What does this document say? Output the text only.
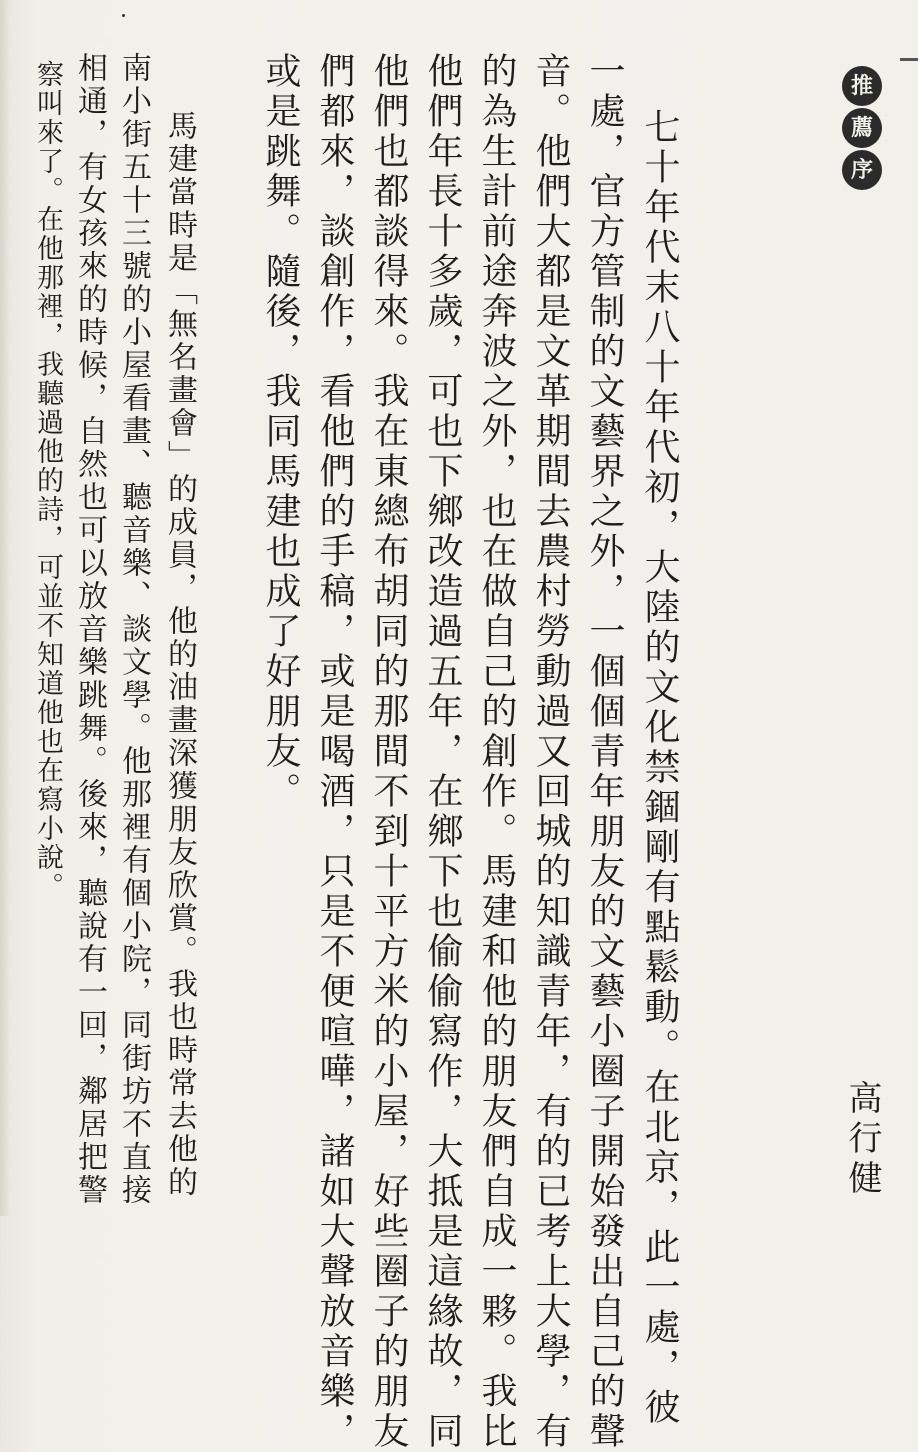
推
薦
序
七十年代末八十年代初，大陸的文化禁錮剛有點鬆動。在北京，此一處，彼
一處，官方管制的文藝界之外，一個個青年朋友的文藝小圈子開始發出自己的聲
音。他們大都是文革期間去農村勞動過又回城的知識青年，有的已考上大學，有
的為生計前途奔波之外，也在做自己的創作。馬建和他的朋友們自成一夥。我比
他們年長十多歲，可也下鄉改造過五年，在鄉下也偷偷寫作，大抵是這緣故，同
他們也都談得來。我在東總布胡同的那間不到十平方米的小屋，好些圈子的朋友
們都來，談創作，看他們的手稿，或是喝酒，只是不便喧嘩，諸如大聲放音樂，
或是跳舞。隨後，我同馬建也成了好朋友。
馬建當時是「無名畫會」的成員，他的油畫深獲朋友欣賞。我也時常去他的
南小街五十三號的小屋看畫、聽音樂、談文學。他那裡有個小院，同街坊不直接
相通，有女孩來的時候，自然也可以放音樂跳舞。後來，聽說有一回，鄰居把警
察叫來了。在他那裡，我聽過他的詩，可並不知道他也在寫小說。
高行健
